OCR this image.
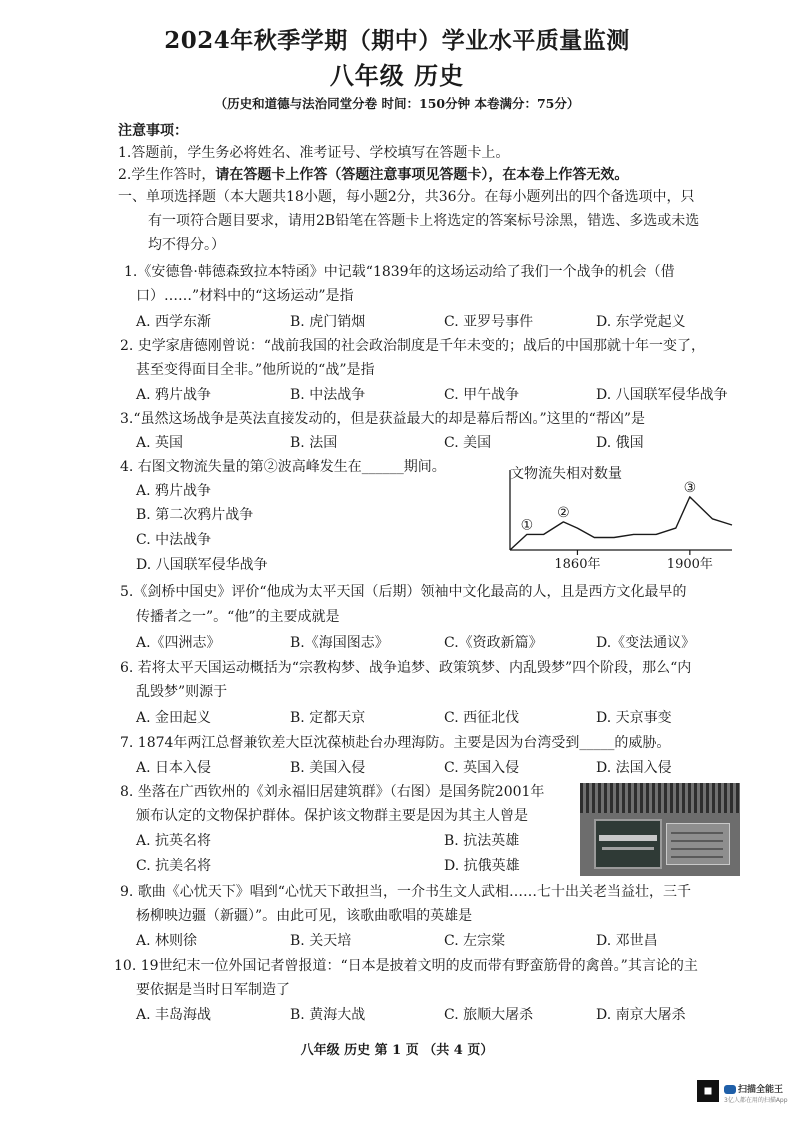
2024年秋季学期（期中）学业水平质量监测
八年级 历史
（历史和道德与法治同堂分卷 时间：150分钟 本卷满分：75分）
注意事项：
1.答题前，学生务必将姓名、准考证号、学校填写在答题卡上。
2.学生作答时，请在答题卡上作答（答题注意事项见答题卡），在本卷上作答无效。
一、单项选择题（本大题共18小题，每小题2分，共36分。在每小题列出的四个备选项中，只
有一项符合题目要求，请用2B铅笔在答题卡上将选定的答案标号涂黑，错选、多选或未选
均不得分。）
1.《安德鲁·韩德森致拉本特函》中记载“1839年的这场运动给了我们一个战争的机会（借
口）……”材料中的“这场运动”是指
A. 西学东渐	B. 虎门销烟	C. 亚罗号事件	D. 东学党起义
2. 史学家唐德刚曾说：“战前我国的社会政治制度是千年未变的；战后的中国那就十年一变了，
甚至变得面目全非。”他所说的“战”是指
A. 鸦片战争	B. 中法战争	C. 甲午战争	D. 八国联军侵华战争
3.“虽然这场战争是英法直接发动的，但是获益最大的却是幕后帮凶。”这里的“帮凶”是
A. 英国	B. 法国	C. 美国	D. 俄国
4. 右图文物流失量的第②波高峰发生在______期间。
A. 鸦片战争
B. 第二次鸦片战争
C. 中法战争
D. 八国联军侵华战争
文物流失相对数量
1860年	1900年
①
②
③
5.《剑桥中国史》评价“他成为太平天国（后期）领袖中文化最高的人，且是西方文化最早的
传播者之一”。“他”的主要成就是
A.《四洲志》	B.《海国图志》	C.《资政新篇》	D.《变法通议》
6. 若将太平天国运动概括为“宗教构梦、战争追梦、政策筑梦、内乱毁梦”四个阶段，那么“内
乱毁梦”则源于
A. 金田起义	B. 定都天京	C. 西征北伐	D. 天京事变
7. 1874年两江总督兼钦差大臣沈葆桢赴台办理海防。主要是因为台湾受到_____的威胁。
A. 日本入侵	B. 美国入侵	C. 英国入侵	D. 法国入侵
8. 坐落在广西钦州的《刘永福旧居建筑群》（右图）是国务院2001年
颁布认定的文物保护群体。保护该文物群主要是因为其主人曾是
A. 抗英名将	B. 抗法英雄
C. 抗美名将	D. 抗俄英雄
9. 歌曲《心忧天下》唱到“心忧天下敢担当，一介书生文人武相……七十出关老当益壮，三千
杨柳映边疆（新疆）”。由此可见，该歌曲歌唱的英雄是
A. 林则徐	B. 关天培	C. 左宗棠	D. 邓世昌
10. 19世纪末一位外国记者曾报道：“日本是披着文明的皮而带有野蛮筋骨的禽兽。”其言论的主
要依据是当时日军制造了
A. 丰岛海战	B. 黄海大战	C. 旅顺大屠杀	D. 南京大屠杀
八年级 历史 第 1 页 （共 4 页）
扫描全能王
3亿人都在用的扫描App
